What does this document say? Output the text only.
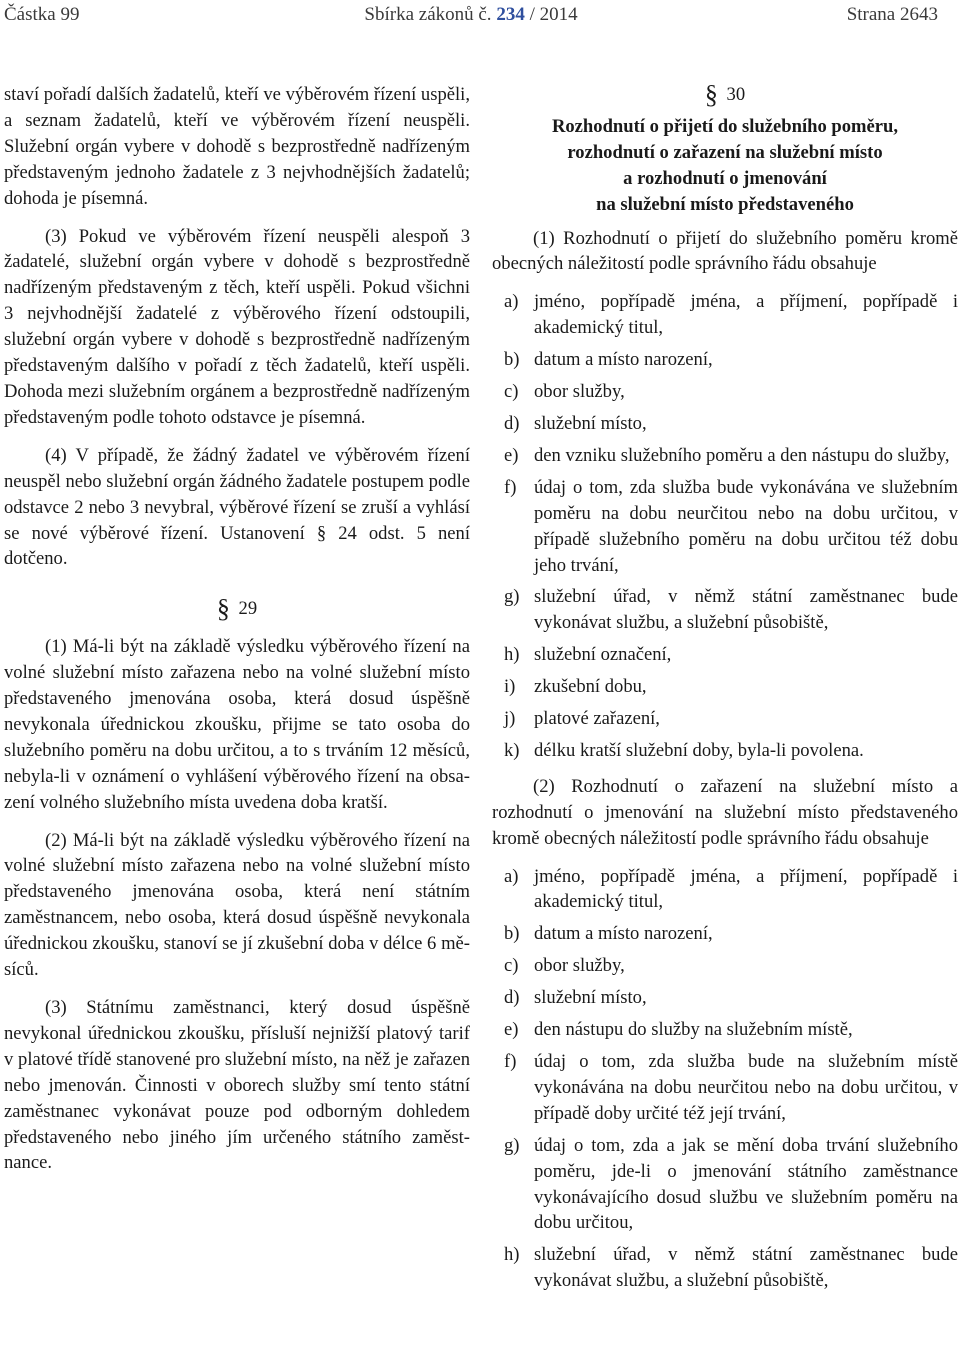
Částka 99	Sbírka zákonů č. 234 / 2014	Strana 2643

staví pořadí dalších žadatelů, kteří ve výběrovém řízení uspěli, a seznam žadatelů, kteří ve výběrovém řízení neuspěli. Služební orgán vybere v dohodě s bezprostředně nadřízeným představeným jednoho žadatele z 3 nejvhodnějších žadatelů; dohoda je písemná.

(3) Pokud ve výběrovém řízení neuspěli alespoň 3 žadatelé, služební orgán vybere v dohodě s bezprostředně nadřízeným představeným z těch, kteří uspěli. Pokud všichni 3 nejvhodnější žadatelé z výběrového řízení odstoupili, služební orgán vybere v dohodě s bezprostředně nadřízeným představeným dalšího v pořadí z těch žadatelů, kteří uspěli. Dohoda mezi služebním orgánem a bezprostředně nadřízeným představeným podle tohoto odstavce je písemná.

(4) V případě, že žádný žadatel ve výběrovém řízení neuspěl nebo služební orgán žádného žadatele postupem podle odstavce 2 nebo 3 nevybral, výběrové řízení se zruší a vyhlásí se nové výběrové řízení. Ustanovení § 24 odst. 5 není dotčeno.

§ 29

(1) Má-li být na základě výsledku výběrového řízení na volné služební místo zařazena nebo na volné služební místo představeného jmenována osoba, která dosud úspěšně nevykonala úřednickou zkoušku, přijme se tato osoba do služebního poměru na dobu určitou, a to s trváním 12 měsíců, nebyla-li v oznámení o vyhlášení výběrového řízení na obsazení volného služebního místa uvedena doba kratší.

(2) Má-li být na základě výsledku výběrového řízení na volné služební místo zařazena nebo na volné služební místo představeného jmenována osoba, která není státním zaměstnancem, nebo osoba, která dosud úspěšně nevykonala úřednickou zkoušku, stanoví se jí zkušební doba v délce 6 měsíců.

(3) Státnímu zaměstnanci, který dosud úspěšně nevykonal úřednickou zkoušku, přísluší nejnižší platový tarif v platové třídě stanovené pro služební místo, na něž je zařazen nebo jmenován. Činnosti v oborech služby smí tento státní zaměstnanec vykonávat pouze pod odborným dohledem představeného nebo jiného jím určeného státního zaměstnance.

§ 30
Rozhodnutí o přijetí do služebního poměru,
rozhodnutí o zařazení na služební místo
a rozhodnutí o jmenování
na služební místo představeného

(1) Rozhodnutí o přijetí do služebního poměru kromě obecných náležitostí podle správního řádu obsahuje

a) jméno, popřípadě jména, a příjmení, popřípadě i akademický titul,
b) datum a místo narození,
c) obor služby,
d) služební místo,
e) den vzniku služebního poměru a den nástupu do služby,
f) údaj o tom, zda služba bude vykonávána ve služebním poměru na dobu neurčitou nebo na dobu určitou, v případě služebního poměru na dobu určitou též dobu jeho trvání,
g) služební úřad, v němž státní zaměstnanec bude vykonávat službu, a služební působiště,
h) služební označení,
i)	zkušební dobu,
j)	platové zařazení,
k) délku kratší služební doby, byla-li povolena.

(2) Rozhodnutí o zařazení na služební místo a rozhodnutí o jmenování na služební místo představeného kromě obecných náležitostí podle správního řádu obsahuje

a) jméno, popřípadě jména, a příjmení, popřípadě i akademický titul,
b) datum a místo narození,
c) obor služby,
d) služební místo,
e) den nástupu do služby na služebním místě,
f) údaj o tom, zda služba bude na služebním místě vykonávána na dobu neurčitou nebo na dobu určitou, v případě doby určité též její trvání,
g) údaj o tom, zda a jak se mění doba trvání služebního poměru, jde-li o jmenování státního zaměstnance vykonávajícího dosud službu ve služebním poměru na dobu určitou,
h) služební úřad, v němž státní zaměstnanec bude vykonávat službu, a služební působiště,
